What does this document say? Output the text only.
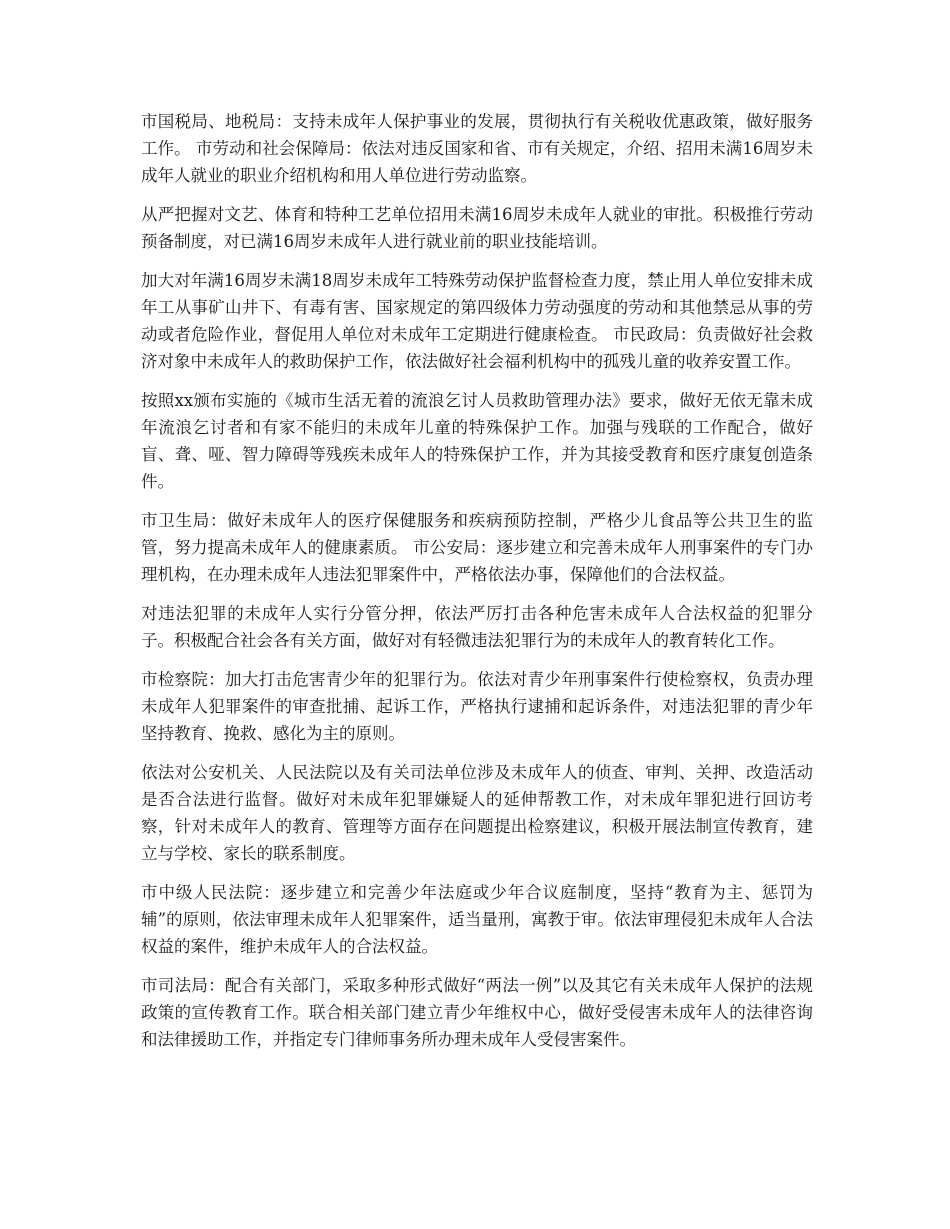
市国税局、地税局：支持未成年人保护事业的发展，贯彻执行有关税收优惠政策，做好服务工作。 市劳动和社会保障局：依法对违反国家和省、市有关规定，介绍、招用未满16周岁未成年人就业的职业介绍机构和用人单位进行劳动监察。

从严把握对文艺、体育和特种工艺单位招用未满16周岁未成年人就业的审批。积极推行劳动预备制度，对已满16周岁未成年人进行就业前的职业技能培训。

加大对年满16周岁未满18周岁未成年工特殊劳动保护监督检查力度，禁止用人单位安排未成年工从事矿山井下、有毒有害、国家规定的第四级体力劳动强度的劳动和其他禁忌从事的劳动或者危险作业，督促用人单位对未成年工定期进行健康检查。 市民政局：负责做好社会救济对象中未成年人的救助保护工作，依法做好社会福利机构中的孤残儿童的收养安置工作。

按照xx颁布实施的《城市生活无着的流浪乞讨人员救助管理办法》要求，做好无依无靠未成年流浪乞讨者和有家不能归的未成年儿童的特殊保护工作。加强与残联的工作配合，做好盲、聋、哑、智力障碍等残疾未成年人的特殊保护工作，并为其接受教育和医疗康复创造条件。

市卫生局：做好未成年人的医疗保健服务和疾病预防控制，严格少儿食品等公共卫生的监管，努力提高未成年人的健康素质。 市公安局：逐步建立和完善未成年人刑事案件的专门办理机构，在办理未成年人违法犯罪案件中，严格依法办事，保障他们的合法权益。

对违法犯罪的未成年人实行分管分押，依法严厉打击各种危害未成年人合法权益的犯罪分子。积极配合社会各有关方面，做好对有轻微违法犯罪行为的未成年人的教育转化工作。

市检察院：加大打击危害青少年的犯罪行为。依法对青少年刑事案件行使检察权，负责办理未成年人犯罪案件的审查批捕、起诉工作，严格执行逮捕和起诉条件，对违法犯罪的青少年坚持教育、挽救、感化为主的原则。

依法对公安机关、人民法院以及有关司法单位涉及未成年人的侦查、审判、关押、改造活动是否合法进行监督。做好对未成年犯罪嫌疑人的延伸帮教工作，对未成年罪犯进行回访考察，针对未成年人的教育、管理等方面存在问题提出检察建议，积极开展法制宣传教育，建立与学校、家长的联系制度。

市中级人民法院：逐步建立和完善少年法庭或少年合议庭制度，坚持“教育为主、惩罚为辅”的原则，依法审理未成年人犯罪案件，适当量刑，寓教于审。依法审理侵犯未成年人合法权益的案件，维护未成年人的合法权益。

市司法局：配合有关部门，采取多种形式做好“两法一例”以及其它有关未成年人保护的法规政策的宣传教育工作。联合相关部门建立青少年维权中心，做好受侵害未成年人的法律咨询和法律援助工作，并指定专门律师事务所办理未成年人受侵害案件。
